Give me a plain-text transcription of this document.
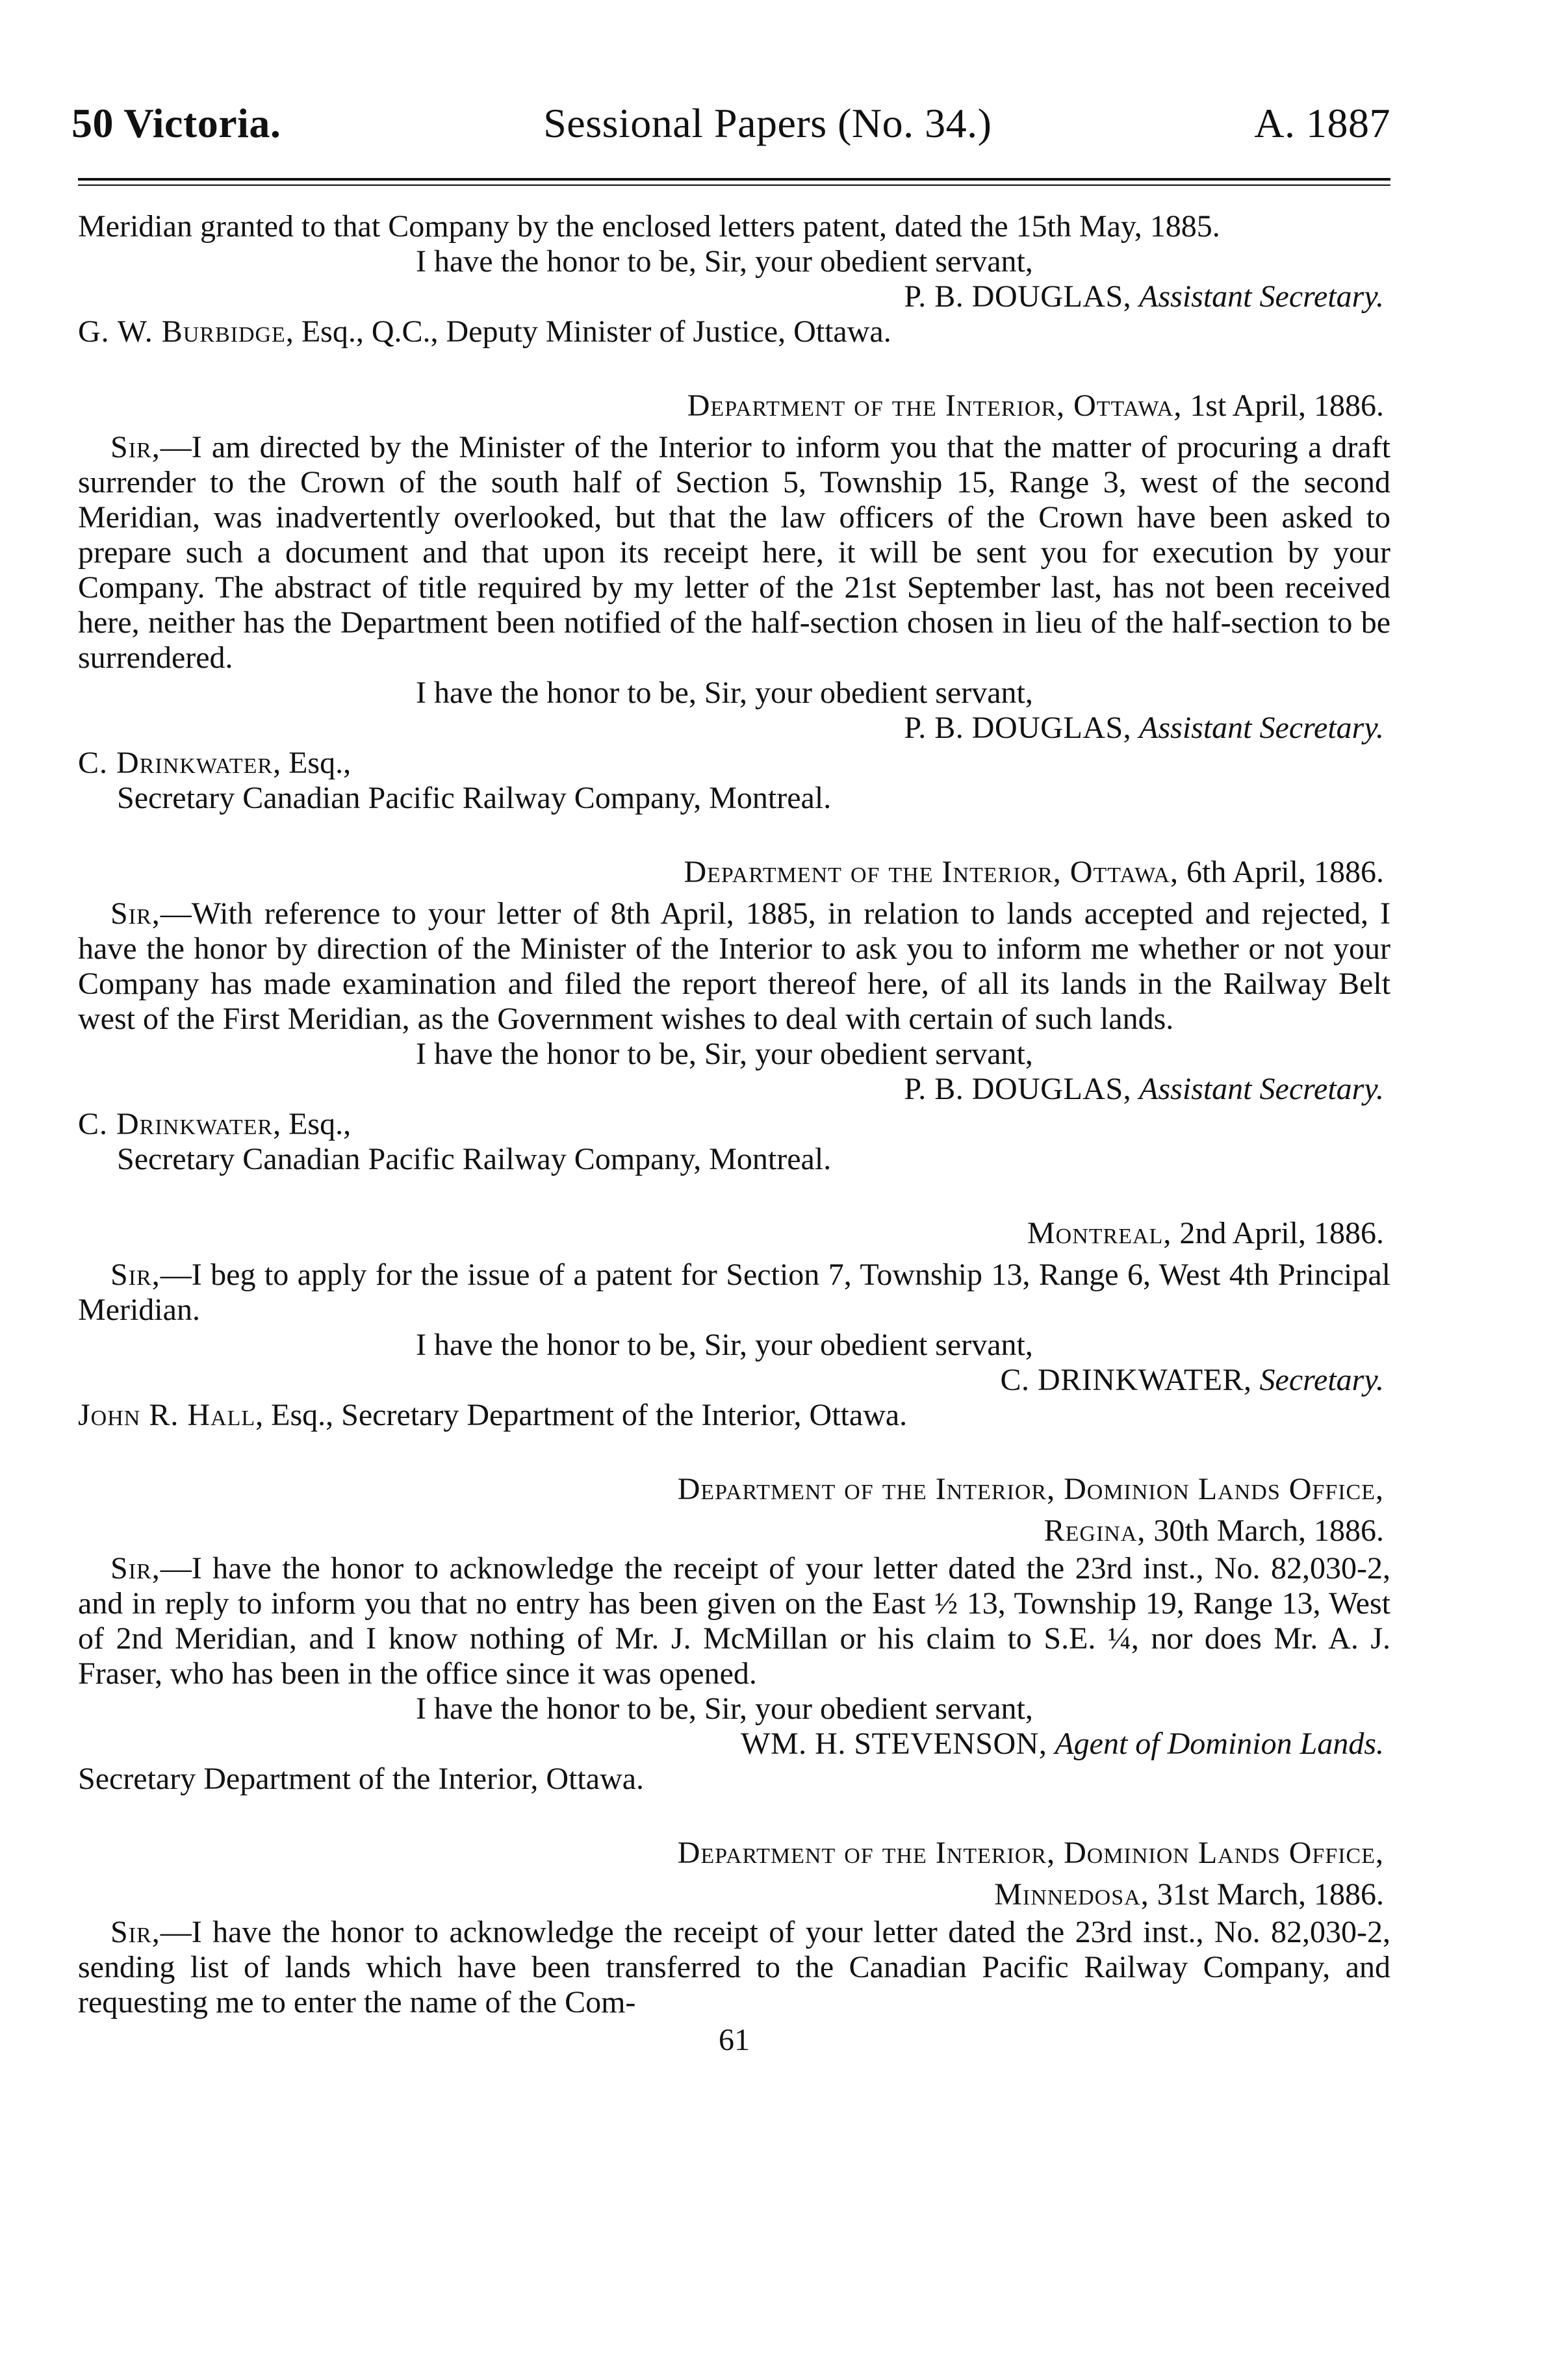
50 Victoria.	Sessional Papers (No. 34.)	A. 1887

Meridian granted to that Company by the enclosed letters patent, dated the 15th May, 1885.

I have the honor to be, Sir, your obedient servant,

P. B. DOUGLAS, Assistant Secretary.

G. W. Burbidge, Esq., Q.C., Deputy Minister of Justice, Ottawa.

Department of the Interior, Ottawa, 1st April, 1886.

Sir,—I am directed by the Minister of the Interior to inform you that the matter of procuring a draft surrender to the Crown of the south half of Section 5, Township 15, Range 3, west of the second Meridian, was inadvertently overlooked, but that the law officers of the Crown have been asked to prepare such a document and that upon its receipt here, it will be sent you for execution by your Company. The abstract of title required by my letter of the 21st September last, has not been received here, neither has the Department been notified of the half-section chosen in lieu of the half-section to be surrendered.

I have the honor to be, Sir, your obedient servant,

P. B. DOUGLAS, Assistant Secretary.

C. Drinkwater, Esq.,

Secretary Canadian Pacific Railway Company, Montreal.

Department of the Interior, Ottawa, 6th April, 1886.

Sir,—With reference to your letter of 8th April, 1885, in relation to lands accepted and rejected, I have the honor by direction of the Minister of the Interior to ask you to inform me whether or not your Company has made examination and filed the report thereof here, of all its lands in the Railway Belt west of the First Meridian, as the Government wishes to deal with certain of such lands.

I have the honor to be, Sir, your obedient servant,

P. B. DOUGLAS, Assistant Secretary.

C. Drinkwater, Esq.,

Secretary Canadian Pacific Railway Company, Montreal.

Montreal, 2nd April, 1886.

Sir,—I beg to apply for the issue of a patent for Section 7, Township 13, Range 6, West 4th Principal Meridian.

I have the honor to be, Sir, your obedient servant,

C. DRINKWATER, Secretary.

John R. Hall, Esq., Secretary Department of the Interior, Ottawa.

Department of the Interior, Dominion Lands Office,

Regina, 30th March, 1886.

Sir,—I have the honor to acknowledge the receipt of your letter dated the 23rd inst., No. 82,030-2, and in reply to inform you that no entry has been given on the East ½ 13, Township 19, Range 13, West of 2nd Meridian, and I know nothing of Mr. J. McMillan or his claim to S.E. ¼, nor does Mr. A. J. Fraser, who has been in the office since it was opened.

I have the honor to be, Sir, your obedient servant,

WM. H. STEVENSON, Agent of Dominion Lands.

Secretary Department of the Interior, Ottawa.

Department of the Interior, Dominion Lands Office,

Minnedosa, 31st March, 1886.

Sir,—I have the honor to acknowledge the receipt of your letter dated the 23rd inst., No. 82,030-2, sending list of lands which have been transferred to the Canadian Pacific Railway Company, and requesting me to enter the name of the Com-

61
